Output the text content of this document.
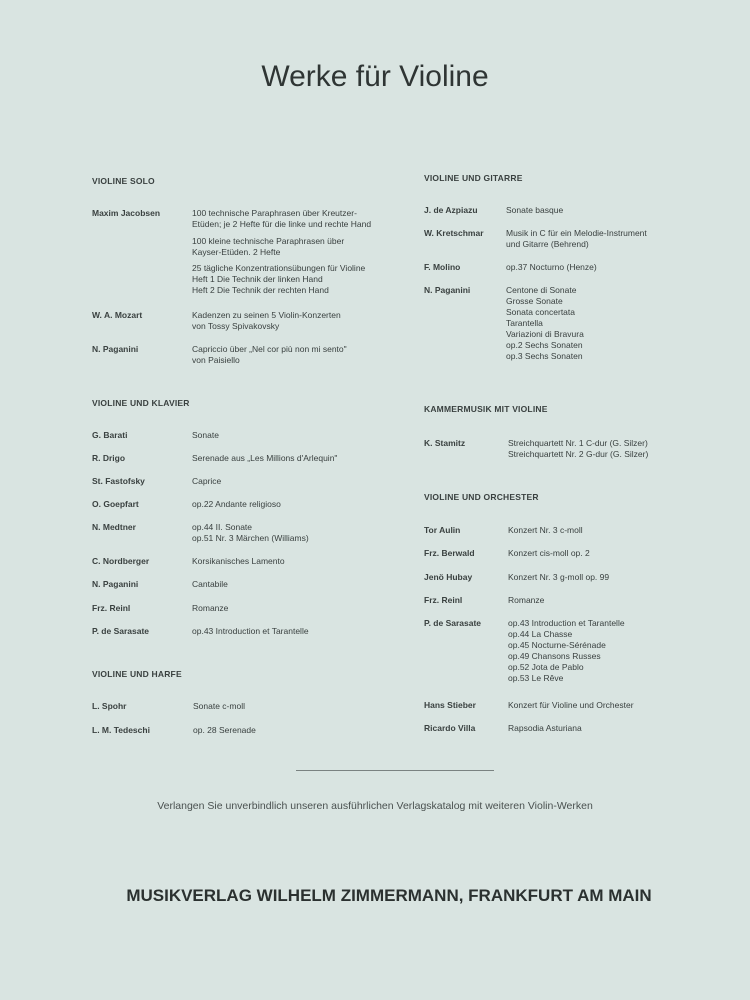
Werke für Violine
VIOLINE SOLO
Maxim Jacobsen	100 technische Paraphrasen über Kreutzer-
Etüden; je 2 Hefte für die linke und rechte Hand
100 kleine technische Paraphrasen über
Kayser-Etüden. 2 Hefte
25 tägliche Konzentrationsübungen für Violine
Heft 1 Die Technik der linken Hand
Heft 2 Die Technik der rechten Hand
W. A. Mozart	Kadenzen zu seinen 5 Violin-Konzerten
von Tossy Spivakovsky
N. Paganini	Capriccio über „Nel cor più non mi sento"
von Paisiello
VIOLINE UND KLAVIER
G. Barati	Sonate
R. Drigo	Serenade aus „Les Millions d'Arlequin"
St. Fastofsky	Caprice
O. Goepfart	op.22 Andante religioso
N. Medtner	op.44 II. Sonate
op.51 Nr. 3 Märchen (Williams)
C. Nordberger	Korsikanisches Lamento
N. Paganini	Cantabile
Frz. Reinl	Romanze
P. de Sarasate	op.43 Introduction et Tarantelle
VIOLINE UND HARFE
L. Spohr	Sonate c-moll
L. M. Tedeschi	op. 28 Serenade
VIOLINE UND GITARRE
J. de Azpiazu	Sonate basque
W. Kretschmar	Musik in C für ein Melodie-Instrument
und Gitarre (Behrend)
F. Molino	op.37 Nocturno (Henze)
N. Paganini	Centone di Sonate
Grosse Sonate
Sonata concertata
Tarantella
Variazioni di Bravura
op.2 Sechs Sonaten
op.3 Sechs Sonaten
KAMMERMUSIK MIT VIOLINE
K. Stamitz	Streichquartett Nr. 1 C-dur (G. Silzer)
Streichquartett Nr. 2 G-dur (G. Silzer)
VIOLINE UND ORCHESTER
Tor Aulin	Konzert Nr. 3 c-moll
Frz. Berwald	Konzert cis-moll op. 2
Jenö Hubay	Konzert Nr. 3 g-moll op. 99
Frz. Reinl	Romanze
P. de Sarasate	op.43 Introduction et Tarantelle
op.44 La Chasse
op.45 Nocturne-Sérénade
op.49 Chansons Russes
op.52 Jota de Pablo
op.53 Le Rêve
Hans Stieber	Konzert für Violine und Orchester
Ricardo Villa	Rapsodia Asturiana
Verlangen Sie unverbindlich unseren ausführlichen Verlagskatalog mit weiteren Violin-Werken
MUSIKVERLAG WILHELM ZIMMERMANN, FRANKFURT AM MAIN
